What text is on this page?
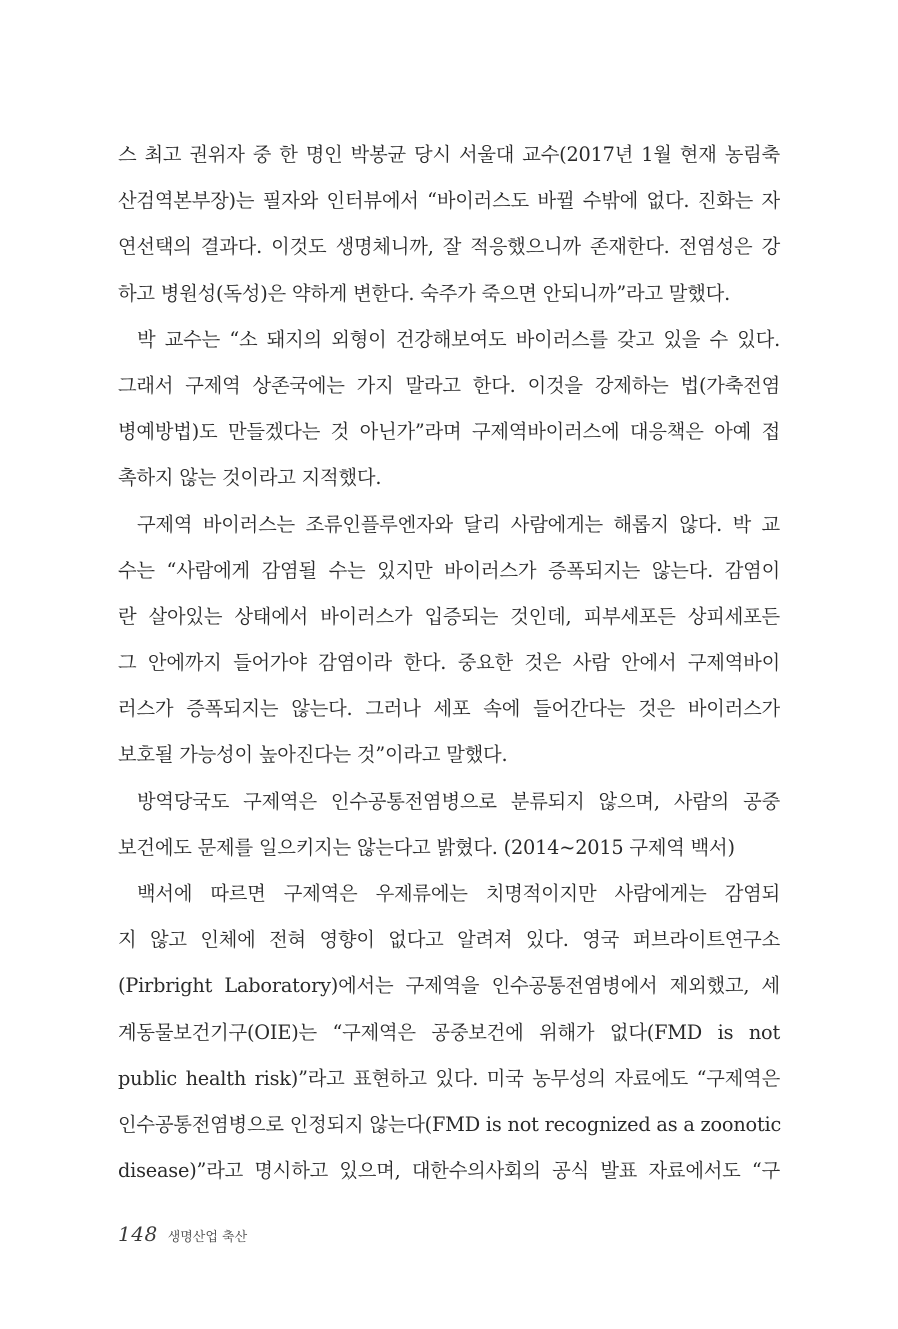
스 최고 권위자 중 한 명인 박봉균 당시 서울대 교수(2017년 1월 현재 농림축
산검역본부장)는 필자와 인터뷰에서 “바이러스도 바뀔 수밖에 없다. 진화는 자
연선택의 결과다. 이것도 생명체니까, 잘 적응했으니까 존재한다. 전염성은 강
하고 병원성(독성)은 약하게 변한다. 숙주가 죽으면 안되니까”라고 말했다.
박 교수는 “소 돼지의 외형이 건강해보여도 바이러스를 갖고 있을 수 있다.
그래서 구제역 상존국에는 가지 말라고 한다. 이것을 강제하는 법(가축전염
병예방법)도 만들겠다는 것 아닌가”라며 구제역바이러스에 대응책은 아예 접
촉하지 않는 것이라고 지적했다.
구제역 바이러스는 조류인플루엔자와 달리 사람에게는 해롭지 않다. 박 교
수는 “사람에게 감염될 수는 있지만 바이러스가 증폭되지는 않는다. 감염이
란 살아있는 상태에서 바이러스가 입증되는 것인데, 피부세포든 상피세포든
그 안에까지 들어가야 감염이라 한다. 중요한 것은 사람 안에서 구제역바이
러스가 증폭되지는 않는다. 그러나 세포 속에 들어간다는 것은 바이러스가
보호될 가능성이 높아진다는 것”이라고 말했다.
방역당국도 구제역은 인수공통전염병으로 분류되지 않으며, 사람의 공중
보건에도 문제를 일으키지는 않는다고 밝혔다. (2014~2015 구제역 백서)
백서에 따르면 구제역은 우제류에는 치명적이지만 사람에게는 감염되
지 않고 인체에 전혀 영향이 없다고 알려져 있다. 영국 퍼브라이트연구소
(Pirbright Laboratory)에서는 구제역을 인수공통전염병에서 제외했고, 세
계동물보건기구(OIE)는 “구제역은 공중보건에 위해가 없다(FMD is not
public health risk)”라고 표현하고 있다. 미국 농무성의 자료에도 “구제역은
인수공통전염병으로 인정되지 않는다(FMD is not recognized as a zoonotic
disease)”라고 명시하고 있으며, 대한수의사회의 공식 발표 자료에서도 “구
148 생명산업 축산
